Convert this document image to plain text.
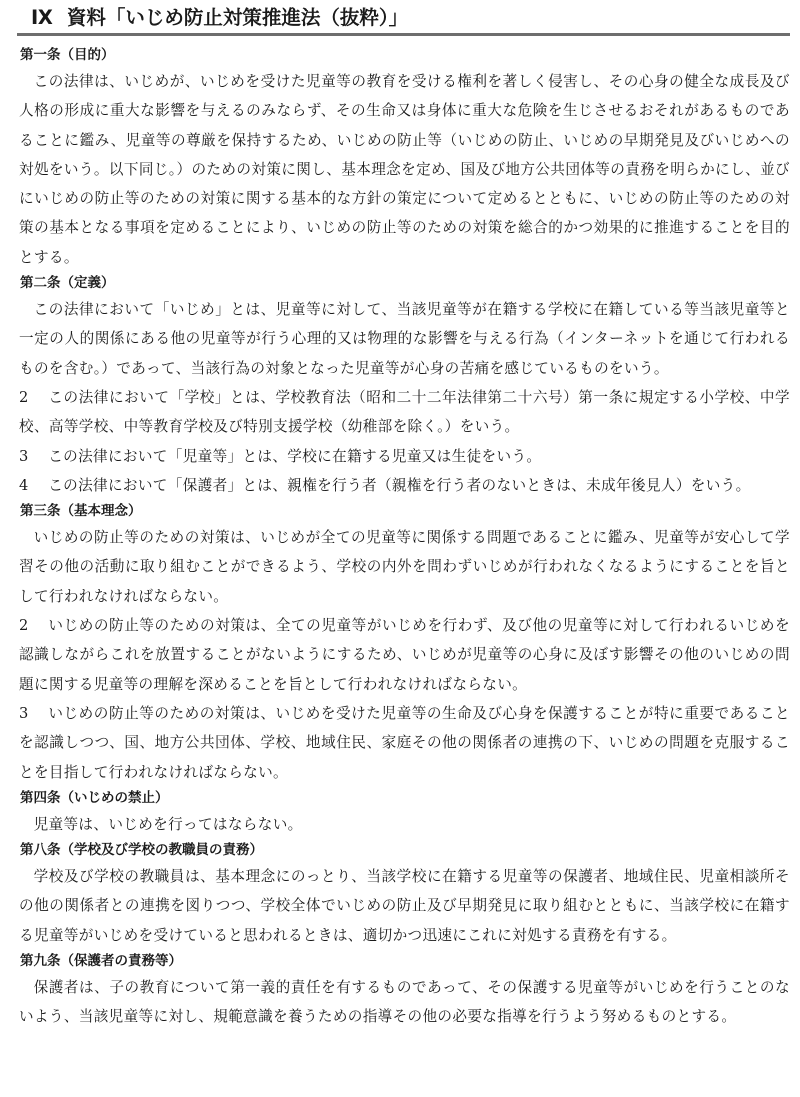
Ⅸ 資料「いじめ防止対策推進法（抜粋）」
第一条（目的）

この法律は、いじめが、いじめを受けた児童等の教育を受ける権利を著しく侵害し、その心身の健全な成長及び人格の形成に重大な影響を与えるのみならず、その生命又は身体に重大な危険を生じさせるおそれがあるものであることに鑑み、児童等の尊厳を保持するため、いじめの防止等（いじめの防止、いじめの早期発見及びいじめへの対処をいう。以下同じ。）のための対策に関し、基本理念を定め、国及び地方公共団体等の責務を明らかにし、並びにいじめの防止等のための対策に関する基本的な方針の策定について定めるとともに、いじめの防止等のための対策の基本となる事項を定めることにより、いじめの防止等のための対策を総合的かつ効果的に推進することを目的とする。

第二条（定義）

この法律において「いじめ」とは、児童等に対して、当該児童等が在籍する学校に在籍している等当該児童等と一定の人的関係にある他の児童等が行う心理的又は物理的な影響を与える行為（インターネットを通じて行われるものを含む。）であって、当該行為の対象となった児童等が心身の苦痛を感じているものをいう。

2 この法律において「学校」とは、学校教育法（昭和二十二年法律第二十六号）第一条に規定する小学校、中学校、高等学校、中等教育学校及び特別支援学校（幼稚部を除く。）をいう。

3 この法律において「児童等」とは、学校に在籍する児童又は生徒をいう。

4 この法律において「保護者」とは、親権を行う者（親権を行う者のないときは、未成年後見人）をいう。

第三条（基本理念）

いじめの防止等のための対策は、いじめが全ての児童等に関係する問題であることに鑑み、児童等が安心して学習その他の活動に取り組むことができるよう、学校の内外を問わずいじめが行われなくなるようにすることを旨として行われなければならない。

2 いじめの防止等のための対策は、全ての児童等がいじめを行わず、及び他の児童等に対して行われるいじめを認識しながらこれを放置することがないようにするため、いじめが児童等の心身に及ぼす影響その他のいじめの問題に関する児童等の理解を深めることを旨として行われなければならない。

3 いじめの防止等のための対策は、いじめを受けた児童等の生命及び心身を保護することが特に重要であることを認識しつつ、国、地方公共団体、学校、地域住民、家庭その他の関係者の連携の下、いじめの問題を克服することを目指して行われなければならない。

第四条（いじめの禁止）

児童等は、いじめを行ってはならない。

第八条（学校及び学校の教職員の責務）

学校及び学校の教職員は、基本理念にのっとり、当該学校に在籍する児童等の保護者、地域住民、児童相談所その他の関係者との連携を図りつつ、学校全体でいじめの防止及び早期発見に取り組むとともに、当該学校に在籍する児童等がいじめを受けていると思われるときは、適切かつ迅速にこれに対処する責務を有する。

第九条（保護者の責務等）

保護者は、子の教育について第一義的責任を有するものであって、その保護する児童等がいじめを行うことのないよう、当該児童等に対し、規範意識を養うための指導その他の必要な指導を行うよう努めるものとする。
